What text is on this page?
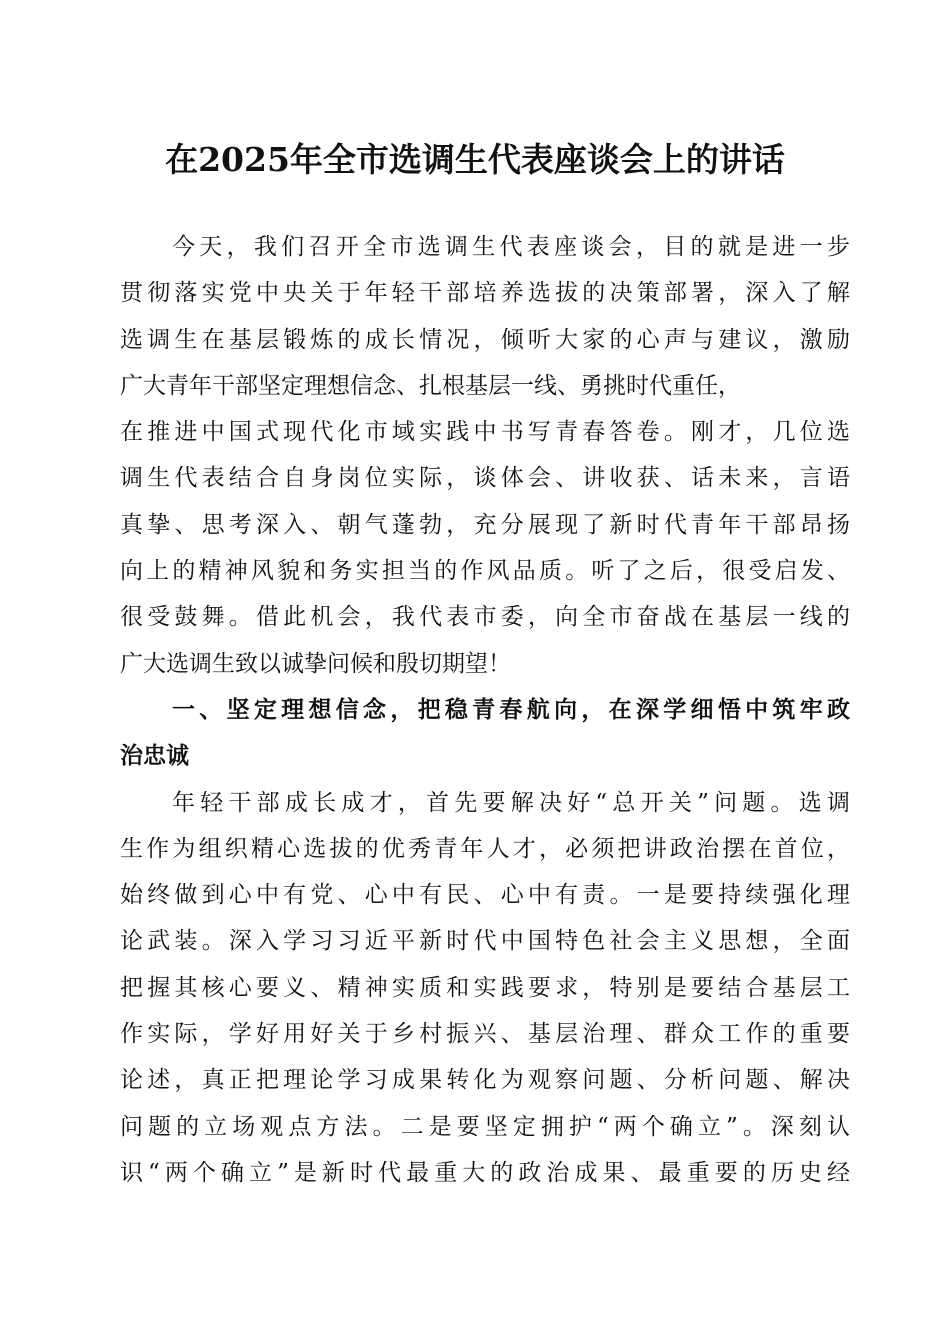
在2025年全市选调生代表座谈会上的讲话
今天，我们召开全市选调生代表座谈会，目的就是进一步
贯彻落实党中央关于年轻干部培养选拔的决策部署，深入了解
选调生在基层锻炼的成长情况，倾听大家的心声与建议，激励
广大青年干部坚定理想信念、扎根基层一线、勇挑时代重任，
在推进中国式现代化市域实践中书写青春答卷。刚才，几位选
调生代表结合自身岗位实际，谈体会、讲收获、话未来，言语
真挚、思考深入、朝气蓬勃，充分展现了新时代青年干部昂扬
向上的精神风貌和务实担当的作风品质。听了之后，很受启发、
很受鼓舞。借此机会，我代表市委，向全市奋战在基层一线的
广大选调生致以诚挚问候和殷切期望！
一、坚定理想信念，把稳青春航向，在深学细悟中筑牢政
治忠诚
年轻干部成长成才，首先要解决好“总开关”问题。选调
生作为组织精心选拔的优秀青年人才，必须把讲政治摆在首位，
始终做到心中有党、心中有民、心中有责。一是要持续强化理
论武装。深入学习习近平新时代中国特色社会主义思想，全面
把握其核心要义、精神实质和实践要求，特别是要结合基层工
作实际，学好用好关于乡村振兴、基层治理、群众工作的重要
论述，真正把理论学习成果转化为观察问题、分析问题、解决
问题的立场观点方法。二是要坚定拥护“两个确立”。深刻认
识“两个确立”是新时代最重大的政治成果、最重要的历史经
